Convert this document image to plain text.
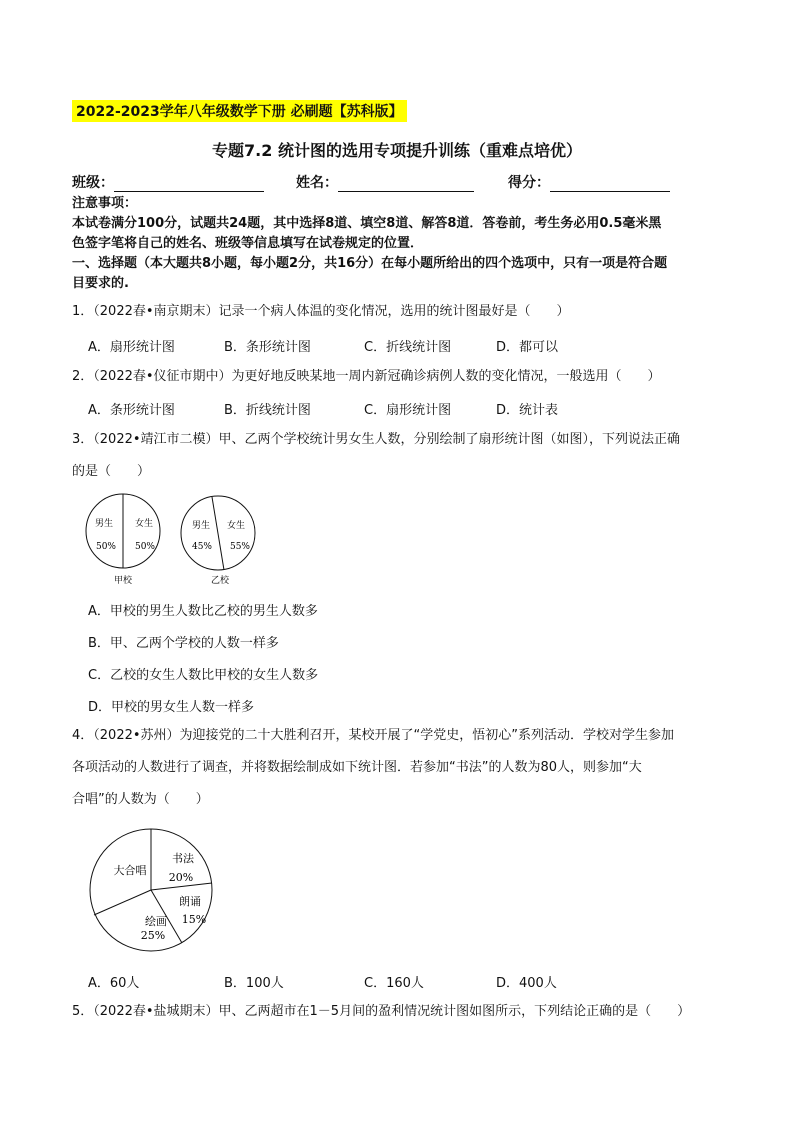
2022-2023学年八年级数学下册 必刷题【苏科版】
专题7.2 统计图的选用专项提升训练（重难点培优）
班级：	姓名：	得分：
注意事项：
本试卷满分100分，试题共24题，其中选择8道、填空8道、解答8道．答卷前，考生务必用0.5毫米黑
色签字笔将自己的姓名、班级等信息填写在试卷规定的位置．
一、选择题（本大题共8小题，每小题2分，共16分）在每小题所给出的四个选项中，只有一项是符合题
目要求的.
1．（2022春•南京期末）记录一个病人体温的变化情况，选用的统计图最好是（　　）
A．扇形统计图	B．条形统计图	C．折线统计图	D．都可以
2．（2022春•仪征市期中）为更好地反映某地一周内新冠确诊病例人数的变化情况，一般选用（　　）
A．条形统计图	B．折线统计图	C．扇形统计图	D．统计表
3．（2022•靖江市二模）甲、乙两个学校统计男女生人数，分别绘制了扇形统计图（如图），下列说法正确
的是（　　）
男生
50%
女生
50%
甲校
男生
45%
女生
55%
乙校
A．甲校的男生人数比乙校的男生人数多
B．甲、乙两个学校的人数一样多
C．乙校的女生人数比甲校的女生人数多
D．甲校的男女生人数一样多
4．（2022•苏州）为迎接党的二十大胜利召开，某校开展了“学党史，悟初心”系列活动．学校对学生参加
各项活动的人数进行了调查，并将数据绘制成如下统计图．若参加“书法”的人数为80人，则参加“大
合唱”的人数为（　　）
书法
20%
朗诵
15%
绘画
25%
大合唱
A．60人	B．100人	C．160人	D．400人
5．（2022春•盐城期末）甲、乙两超市在1－5月间的盈利情况统计图如图所示，下列结论正确的是（　　）
